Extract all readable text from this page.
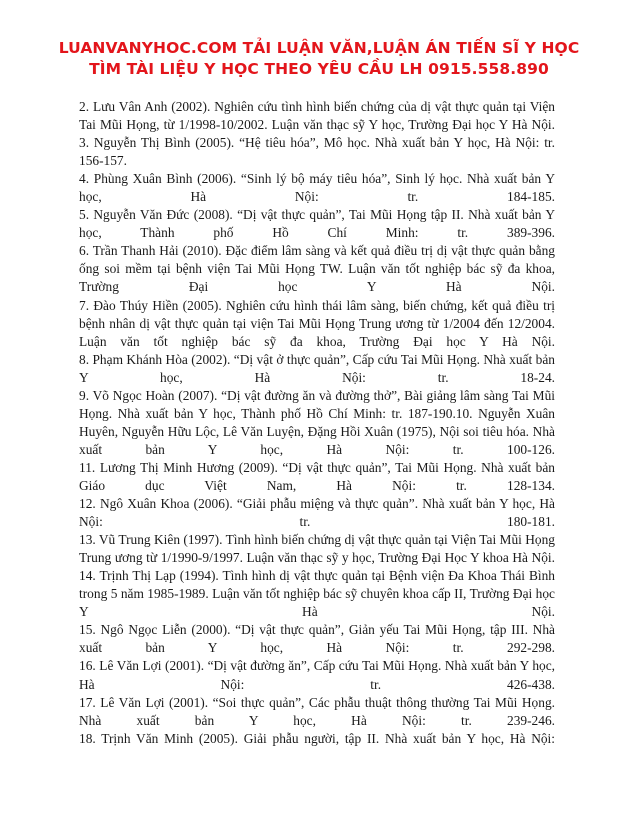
LUANVANYHOC.COM TẢI LUẬN VĂN,LUẬN ÁN TIẾN SĨ Y HỌC
TÌM TÀI LIỆU Y HỌC THEO YÊU CẦU LH 0915.558.890

2. Lưu Vân Anh (2002). Nghiên cứu tình hình biến chứng của dị vật thực quản tại Viện Tai Mũi Họng, từ 1/1998-10/2002. Luận văn thạc sỹ Y học, Trường Đại học Y Hà Nội.

3. Nguyễn Thị Bình (2005). “Hệ tiêu hóa”, Mô học. Nhà xuất bản Y học, Hà Nội: tr. 156-157.

4. Phùng Xuân Bình (2006). “Sinh lý bộ máy tiêu hóa”, Sinh lý học. Nhà xuất bản Y học, Hà Nội: tr. 184-185.

5. Nguyễn Văn Đức (2008). “Dị vật thực quản”, Tai Mũi Họng tập II. Nhà xuất bản Y học, Thành phố Hồ Chí Minh: tr. 389-396.

6. Trần Thanh Hải (2010). Đặc điểm lâm sàng và kết quả điều trị dị vật thực quản bằng ống soi mềm tại bệnh viện Tai Mũi Họng TW. Luận văn tốt nghiệp bác sỹ đa khoa, Trường Đại học Y Hà Nội.

7. Đào Thúy Hiền (2005). Nghiên cứu hình thái lâm sàng, biến chứng, kết quả điều trị bệnh nhân dị vật thực quản tại viện Tai Mũi Họng Trung ương từ 1/2004 đến 12/2004. Luận văn tốt nghiệp bác sỹ đa khoa, Trường Đại học Y Hà Nội.

8. Phạm Khánh Hòa (2002). “Dị vật ở thực quản”, Cấp cứu Tai Mũi Họng. Nhà xuất bản Y học, Hà Nội: tr. 18-24.

9. Võ Ngọc Hoàn (2007). “Dị vật đường ăn và đường thở”, Bài giảng lâm sàng Tai Mũi Họng. Nhà xuất bản Y học, Thành phố Hồ Chí Minh: tr. 187-190.10. Nguyễn Xuân Huyên, Nguyễn Hữu Lộc, Lê Văn Luyện, Đặng Hồi Xuân (1975), Nội soi tiêu hóa. Nhà xuất bản Y học, Hà Nội: tr. 100-126.

11. Lương Thị Minh Hương (2009). “Dị vật thực quản”, Tai Mũi Họng. Nhà xuất bản Giáo dục Việt Nam, Hà Nội: tr. 128-134.

12. Ngô Xuân Khoa (2006). “Giải phẫu miệng và thực quản”. Nhà xuất bản Y học, Hà Nội: tr. 180-181.

13. Vũ Trung Kiên (1997). Tình hình biến chứng dị vật thực quản tại Viện Tai Mũi Họng Trung ương từ 1/1990-9/1997. Luận văn thạc sỹ y học, Trường Đại Học Y khoa Hà Nội.

14. Trịnh Thị Lạp (1994). Tình hình dị vật thực quản tại Bệnh viện Đa Khoa Thái Bình trong 5 năm 1985-1989. Luận văn tốt nghiệp bác sỹ chuyên khoa cấp II, Trường Đại học Y Hà Nội.

15. Ngô Ngọc Liễn (2000). “Dị vật thực quản”, Giản yếu Tai Mũi Họng, tập III. Nhà xuất bản Y học, Hà Nội: tr. 292-298.

16. Lê Văn Lợi (2001). “Dị vật đường ăn”, Cấp cứu Tai Mũi Họng. Nhà xuất bản Y học, Hà Nội: tr. 426-438.

17. Lê Văn Lợi (2001). “Soi thực quản”, Các phẫu thuật thông thường Tai Mũi Họng. Nhà xuất bản Y học, Hà Nội: tr. 239-246.

18. Trịnh Văn Minh (2005). Giải phẫu người, tập II. Nhà xuất bản Y học, Hà Nội:
